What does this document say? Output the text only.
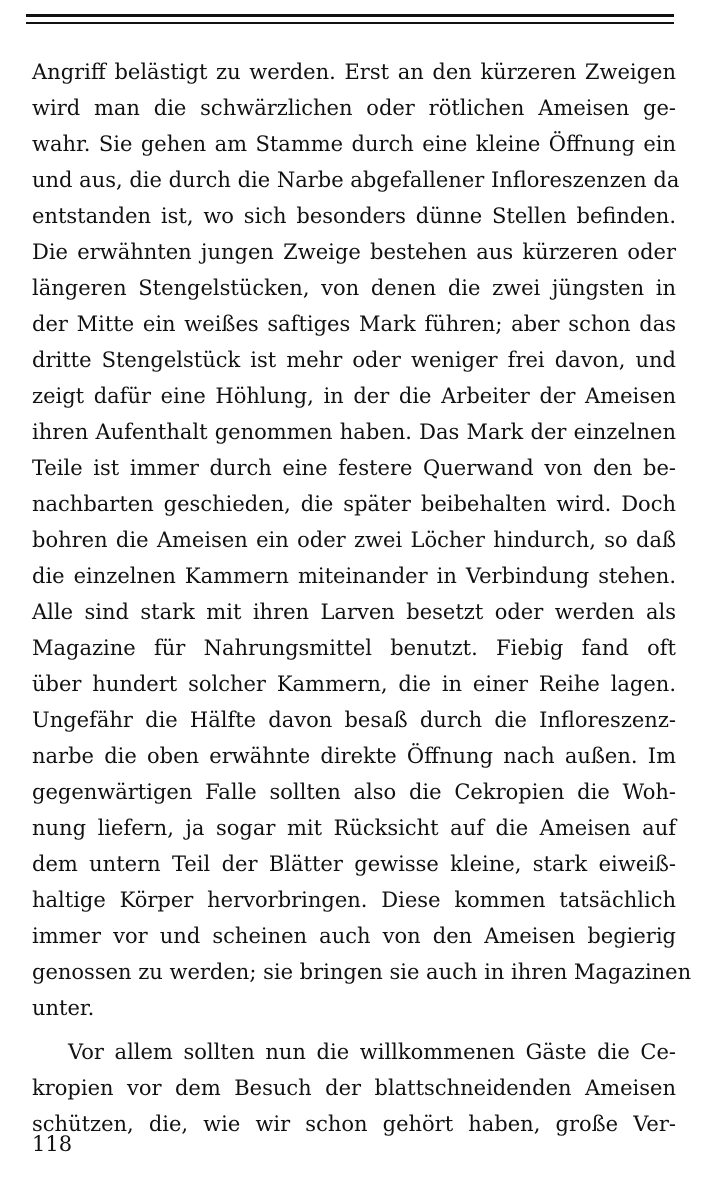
Angriff belästigt zu werden. Erst an den kürzeren Zweigen
wird man die schwärzlichen oder rötlichen Ameisen ge-
wahr. Sie gehen am Stamme durch eine kleine Öffnung ein
und aus, die durch die Narbe abgefallener Infloreszenzen da
entstanden ist, wo sich besonders dünne Stellen befinden.
Die erwähnten jungen Zweige bestehen aus kürzeren oder
längeren Stengelstücken, von denen die zwei jüngsten in
der Mitte ein weißes saftiges Mark führen; aber schon das
dritte Stengelstück ist mehr oder weniger frei davon, und
zeigt dafür eine Höhlung, in der die Arbeiter der Ameisen
ihren Aufenthalt genommen haben. Das Mark der einzelnen
Teile ist immer durch eine festere Querwand von den be-
nachbarten geschieden, die später beibehalten wird. Doch
bohren die Ameisen ein oder zwei Löcher hindurch, so daß
die einzelnen Kammern miteinander in Verbindung stehen.
Alle sind stark mit ihren Larven besetzt oder werden als
Magazine für Nahrungsmittel benutzt. Fiebig fand oft
über hundert solcher Kammern, die in einer Reihe lagen.
Ungefähr die Hälfte davon besaß durch die Infloreszenz-
narbe die oben erwähnte direkte Öffnung nach außen. Im
gegenwärtigen Falle sollten also die Cekropien die Woh-
nung liefern, ja sogar mit Rücksicht auf die Ameisen auf
dem untern Teil der Blätter gewisse kleine, stark eiweiß-
haltige Körper hervorbringen. Diese kommen tatsächlich
immer vor und scheinen auch von den Ameisen begierig
genossen zu werden; sie bringen sie auch in ihren Magazinen
unter.
Vor allem sollten nun die willkommenen Gäste die Ce-
kropien vor dem Besuch der blattschneidenden Ameisen
schützen, die, wie wir schon gehört haben, große Ver-
118
